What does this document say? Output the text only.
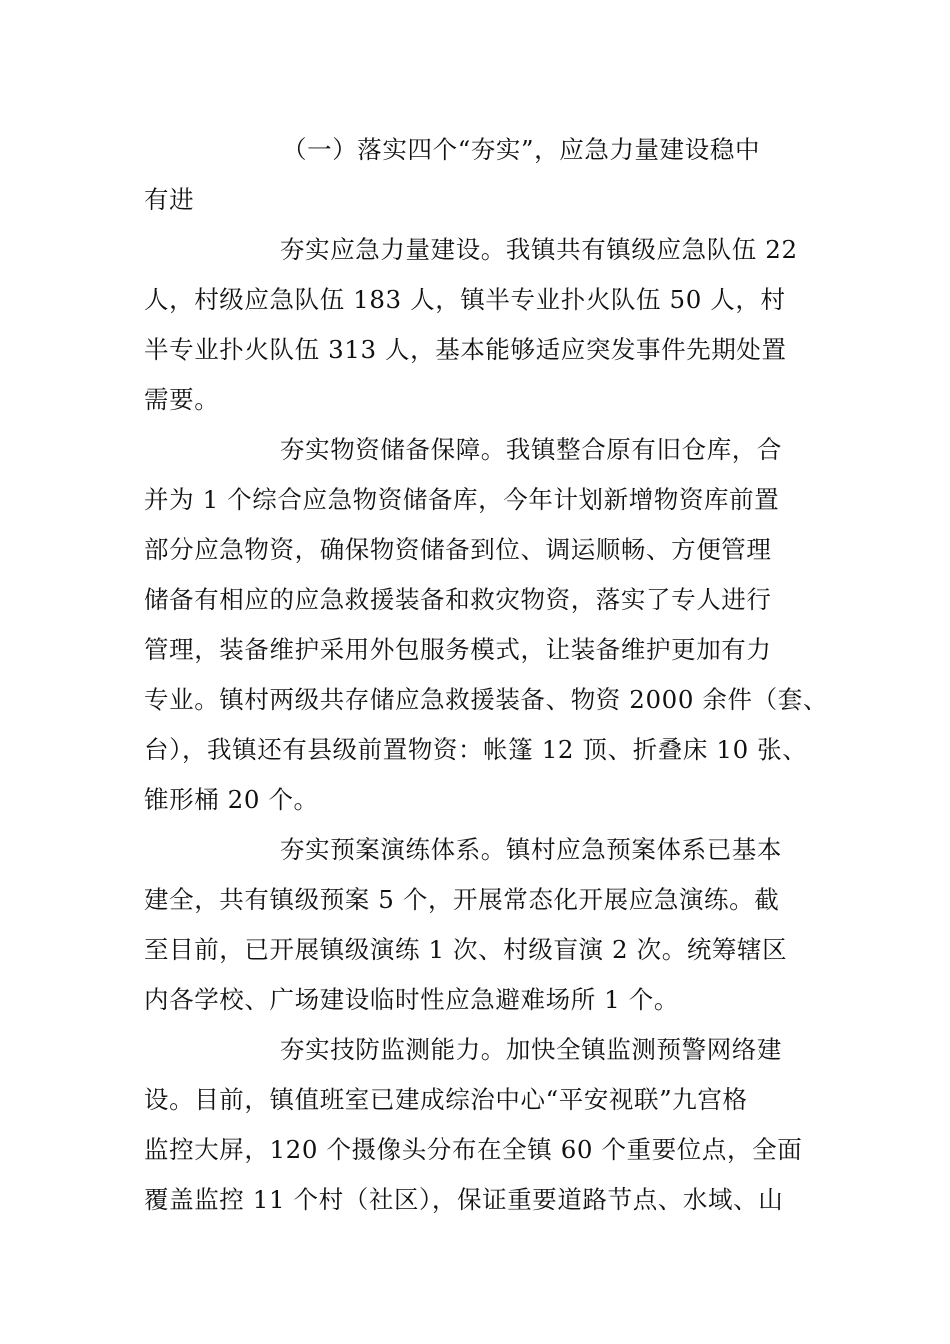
（一）落实四个“夯实”，应急力量建设稳中
有进
夯实应急力量建设。我镇共有镇级应急队伍 22
人，村级应急队伍 183 人，镇半专业扑火队伍 50 人，村
半专业扑火队伍 313 人，基本能够适应突发事件先期处置
需要。
夯实物资储备保障。我镇整合原有旧仓库，合
并为 1 个综合应急物资储备库，今年计划新增物资库前置
部分应急物资，确保物资储备到位、调运顺畅、方便管理
储备有相应的应急救援装备和救灾物资，落实了专人进行
管理，装备维护采用外包服务模式，让装备维护更加有力
专业。镇村两级共存储应急救援装备、物资 2000 余件（套、
台），我镇还有县级前置物资：帐篷 12 顶、折叠床 10 张、
锥形桶 20 个。
夯实预案演练体系。镇村应急预案体系已基本
建全，共有镇级预案 5 个，开展常态化开展应急演练。截
至目前，已开展镇级演练 1 次、村级盲演 2 次。统筹辖区
内各学校、广场建设临时性应急避难场所 1 个。
夯实技防监测能力。加快全镇监测预警网络建
设。目前，镇值班室已建成综治中心“平安视联”九宫格
监控大屏，120 个摄像头分布在全镇 60 个重要位点，全面
覆盖监控 11 个村（社区），保证重要道路节点、水域、山
